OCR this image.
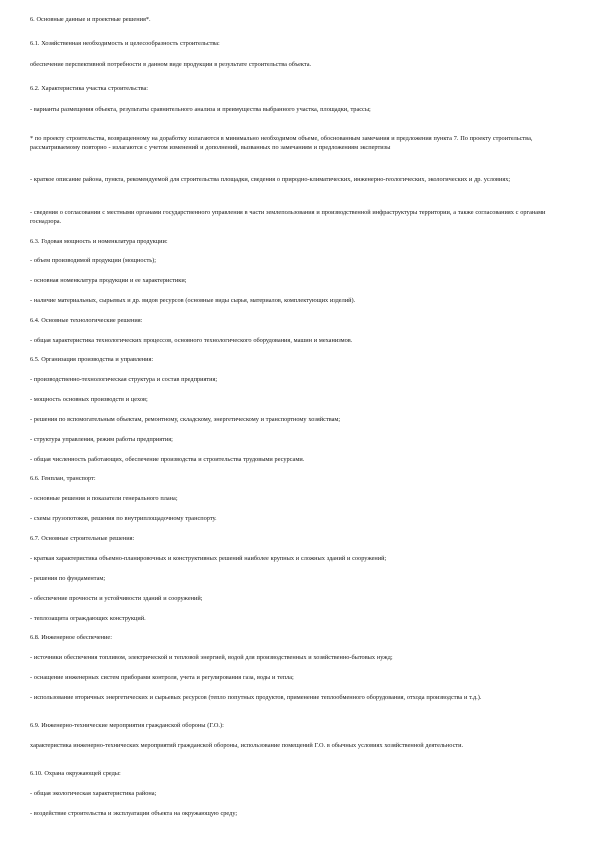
6. Основные данные и проектные решения*.

6.1. Хозяйственная необходимость и целесообразность строительства:

обеспечение перспективной потребности в данном виде продукции в результате строительства объекта.

6.2. Характеристика участка строительства:

- варианты размещения объекта, результаты сравнительного анализа и преимущества выбранного участка, площадки, трассы;

* по проекту строительства, возвращенному на доработку излагаются в минимально необходимом объеме, обоснованным замечания и предложения пункта 7. По проекту строительства, рассматриваемому повторно - излагаются с учетом изменений и дополнений, вызванных по замечаниям и предложениям экспертизы

- краткое описание района, пункта, рекомендуемой для строительства площадки, сведения о природно-климатических, инженерно-геологических, экологических и др. условиях;

- сведения о согласовании с местными органами государственного управления в части землепользования и производственной инфраструктуры территории, а также согласованиях с органами госнадзора.

6.3. Годовая мощность и номенклатура продукции:

- объем производимой продукции (мощность);

- основная номенклатура продукции и ее характеристики;

- наличие материальных, сырьевых и др. видов ресурсов (основные виды сырья, материалов, комплектующих изделий).

6.4. Основные технологические решения:

- общая характеристика технологических процессов, основного технологического оборудования, машин и механизмов.

6.5. Организация производства и управления:

- производственно-технологическая структура и состав предприятия;

- мощность основных производств и цехов;

- решения по вспомогательным объектам, ремонтному, складскому, энергетическому и транспортному хозяйствам;

- структура управления, режим работы предприятия;

- общая численность работающих, обеспечение производства и строительства трудовыми ресурсами.

6.6. Генплан, транспорт:

- основные решения и показатели генерального плана;

- схемы грузопотоков, решения по внутриплощадочному транспорту.

6.7. Основные строительные решения:

- краткая характеристика объемно-планировочных и конструктивных решений наиболее крупных и сложных зданий и сооружений;

- решения по фундаментам;

- обеспечение прочности и устойчивости зданий и сооружений;

- теплозащита ограждающих конструкций.

6.8. Инженерное обеспечение:

- источники обеспечения топливом, электрической и тепловой энергией, водой для производственных и хозяйственно-бытовых нужд;

- оснащение инженерных систем приборами контроля, учета и регулирования газа, воды и тепла;

- использование вторичных энергетических и сырьевых ресурсов (тепло попутных продуктов, применение теплообменного оборудования, отхода производства и т.д.).

6.9. Инженерно-технические мероприятия гражданской обороны (Г.О.):

характеристика инженерно-технических мероприятий гражданской обороны, использование помещений Г.О. в обычных условиях хозяйственной деятельности.

6.10. Охрана окружающей среды:

- общая экологическая характеристика района;

- воздействие строительства и эксплуатации объекта на окружающую среду;
